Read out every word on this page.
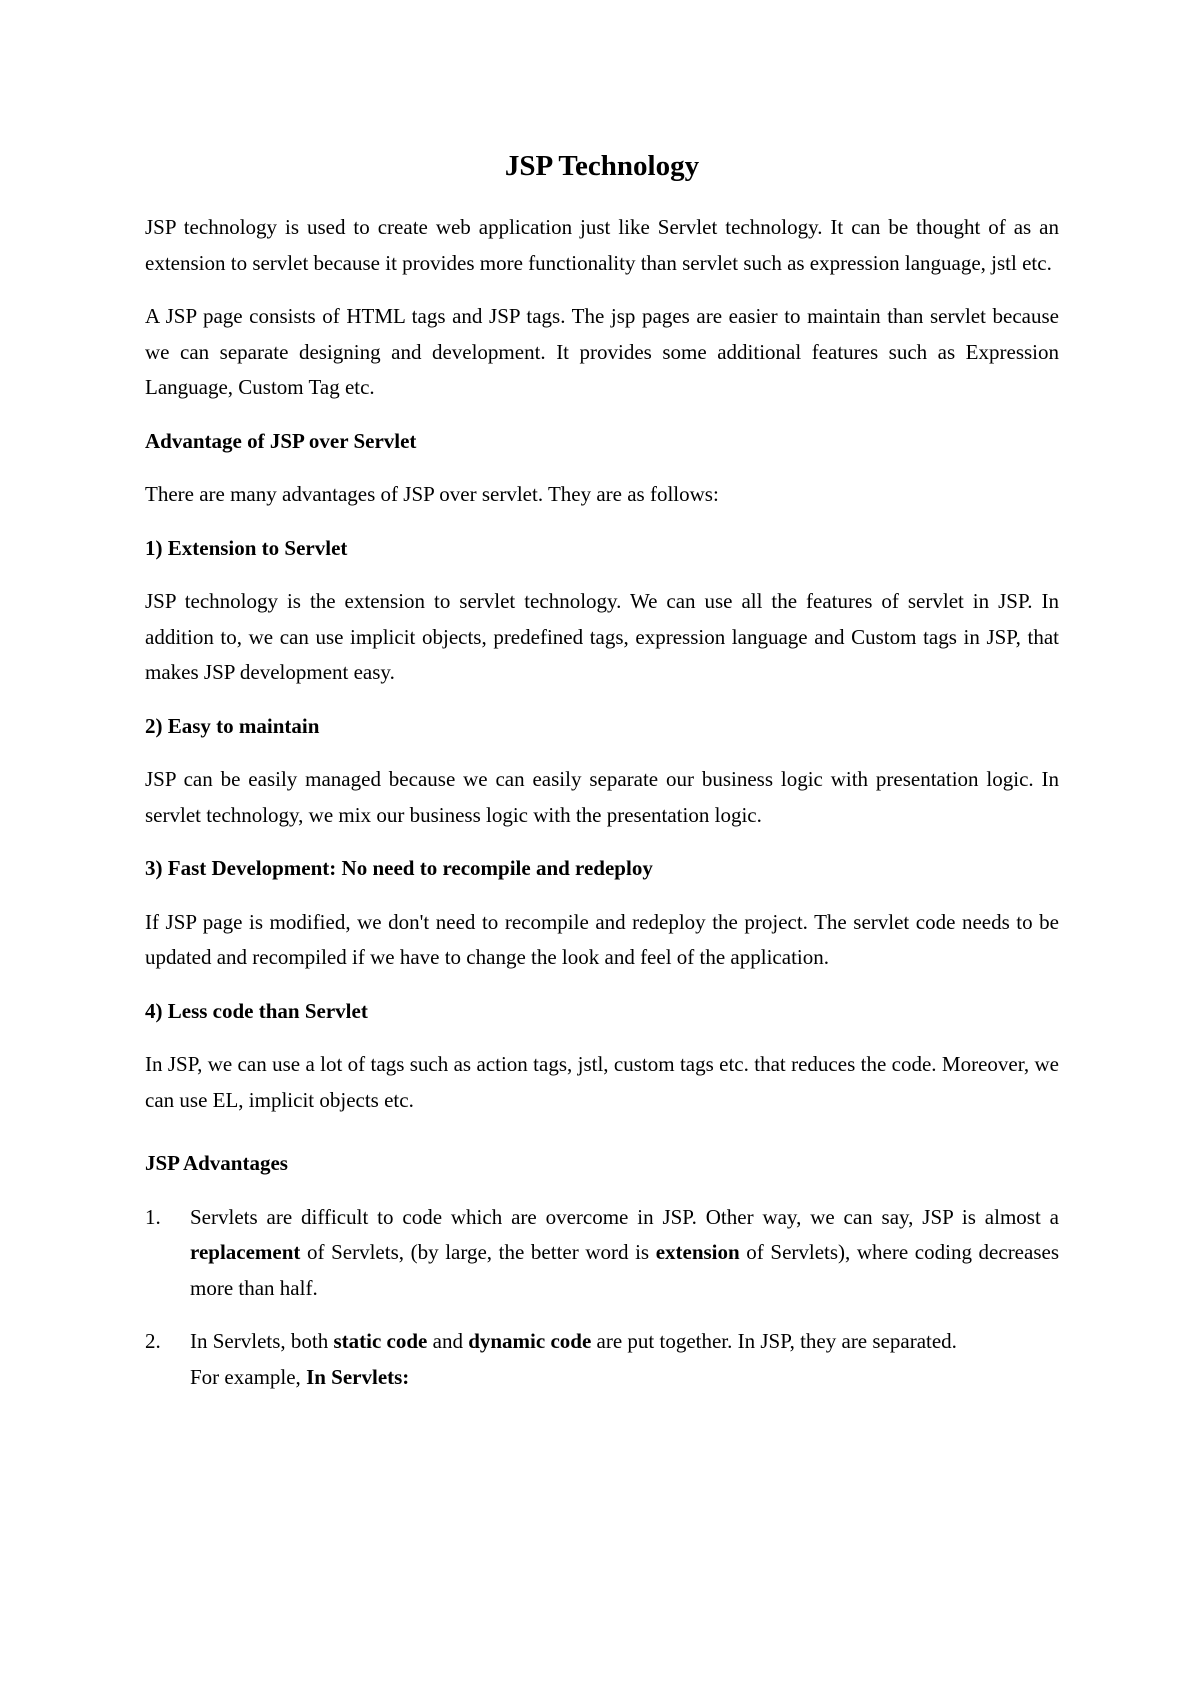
JSP Technology

JSP technology is used to create web application just like Servlet technology. It can be thought of as an extension to servlet because it provides more functionality than servlet such as expression language, jstl etc.

A JSP page consists of HTML tags and JSP tags. The jsp pages are easier to maintain than servlet because we can separate designing and development. It provides some additional features such as Expression Language, Custom Tag etc.

Advantage of JSP over Servlet

There are many advantages of JSP over servlet. They are as follows:

1) Extension to Servlet

JSP technology is the extension to servlet technology. We can use all the features of servlet in JSP. In addition to, we can use implicit objects, predefined tags, expression language and Custom tags in JSP, that makes JSP development easy.

2) Easy to maintain

JSP can be easily managed because we can easily separate our business logic with presentation logic. In servlet technology, we mix our business logic with the presentation logic.

3) Fast Development: No need to recompile and redeploy

If JSP page is modified, we don't need to recompile and redeploy the project. The servlet code needs to be updated and recompiled if we have to change the look and feel of the application.

4) Less code than Servlet

In JSP, we can use a lot of tags such as action tags, jstl, custom tags etc. that reduces the code. Moreover, we can use EL, implicit objects etc.

JSP Advantages
1. Servlets are difficult to code which are overcome in JSP. Other way, we can say, JSP is almost a replacement of Servlets, (by large, the better word is extension of Servlets), where coding decreases more than half.
2. In Servlets, both static code and dynamic code are put together. In JSP, they are separated. For example, In Servlets:
